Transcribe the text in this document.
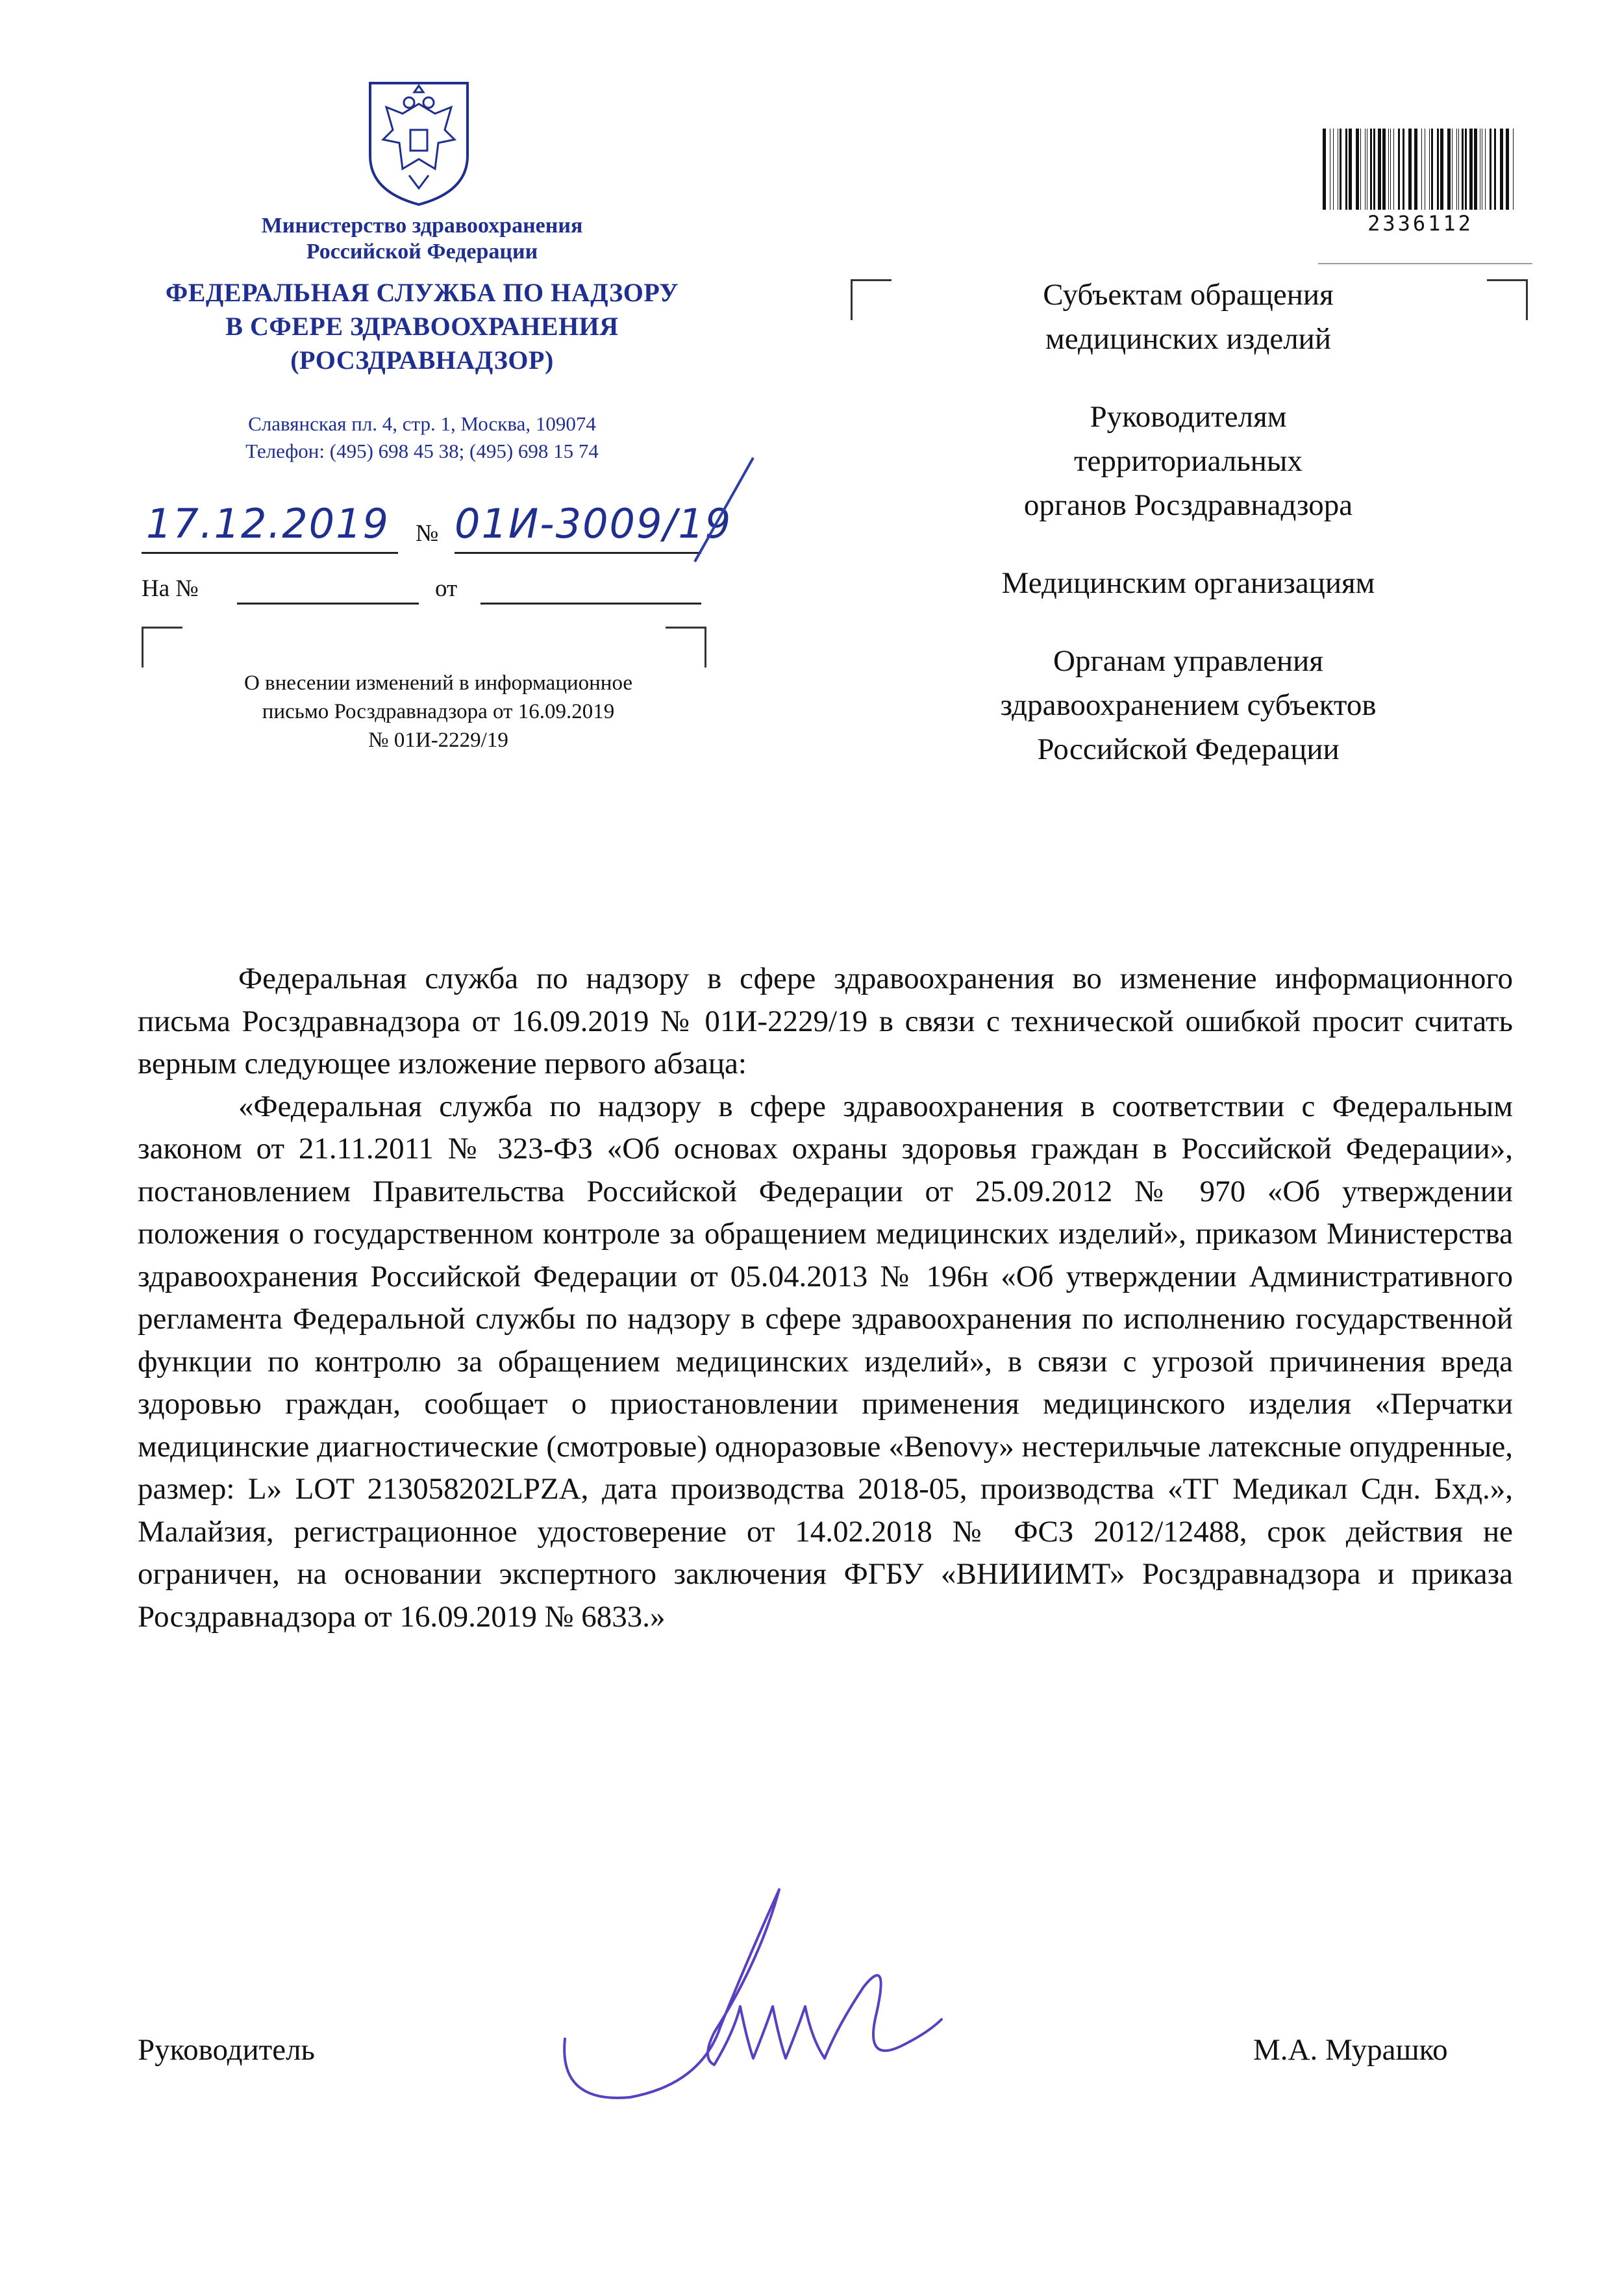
Министерство здравоохранения
Российской Федерации
ФЕДЕРАЛЬНАЯ СЛУЖБА ПО НАДЗОРУ
В СФЕРЕ ЗДРАВООХРАНЕНИЯ
(РОСЗДРАВНАДЗОР)
Славянская пл. 4, стр. 1, Москва, 109074
Телефон: (495) 698 45 38; (495) 698 15 74
17.12.2019 № 01И-3009/19
На №	от
О внесении изменений в информационное
письмо Росздравнадзора от 16.09.2019
№ 01И-2229/19
2336112
Субъектам обращения
медицинских изделий
Руководителям
территориальных
органов Росздравнадзора
Медицинским организациям
Органам управления
здравоохранением субъектов
Российской Федерации

Федеральная служба по надзору в сфере здравоохранения во изменение информационного письма Росздравнадзора от 16.09.2019 № 01И-2229/19 в связи с технической ошибкой просит считать верным следующее изложение первого абзаца:

«Федеральная служба по надзору в сфере здравоохранения в соответствии с Федеральным законом от 21.11.2011 № 323-ФЗ «Об основах охраны здоровья граждан в Российской Федерации», постановлением Правительства Российской Федерации от 25.09.2012 № 970 «Об утверждении положения о государственном контроле за обращением медицинских изделий», приказом Министерства здравоохранения Российской Федерации от 05.04.2013 № 196н «Об утверждении Административного регламента Федеральной службы по надзору в сфере здравоохранения по исполнению государственной функции по контролю за обращением медицинских изделий», в связи с угрозой причинения вреда здоровью граждан, сообщает о приостановлении применения медицинского изделия «Перчатки медицинские диагностические (смотровые) одноразовые «Benovy» нестерильчые латексные опудренные, размер: L» LOT 213058202LPZA, дата производства 2018-05, производства «ТГ Медикал Сдн. Бхд.», Малайзия, регистрационное удостоверение от 14.02.2018 № ФСЗ 2012/12488, срок действия не ограничен, на основании экспертного заключения ФГБУ «ВНИИИМТ» Росздравнадзора и приказа Росздравнадзора от 16.09.2019 № 6833.»

Руководитель	М.А. Мурашко
